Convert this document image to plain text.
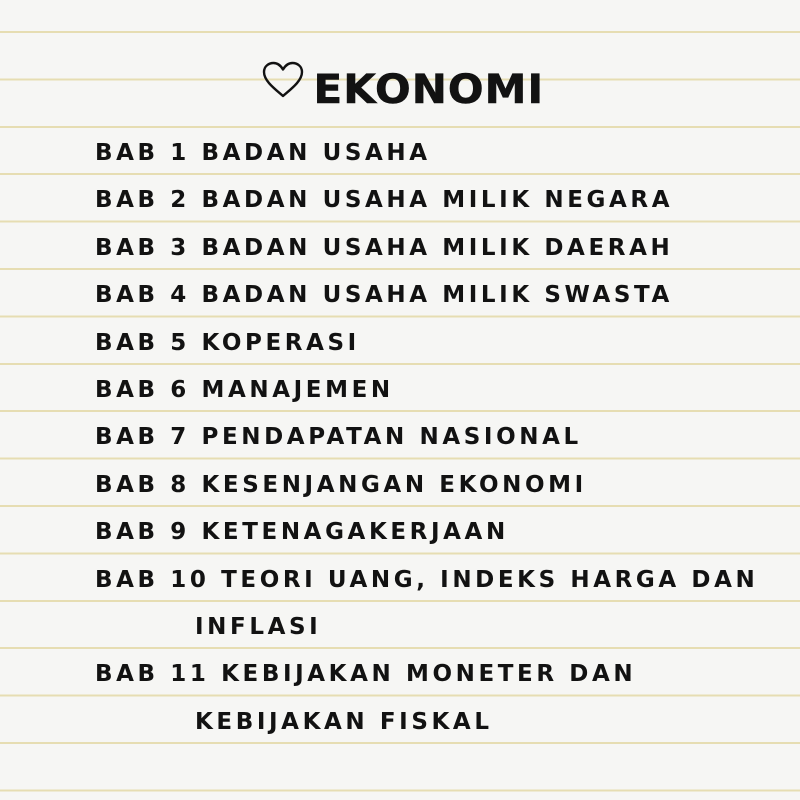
EKONOMI
BAB 1 BADAN USAHA
BAB 2 BADAN USAHA MILIK NEGARA
BAB 3 BADAN USAHA MILIK DAERAH
BAB 4 BADAN USAHA MILIK SWASTA
BAB 5 KOPERASI
BAB 6 MANAJEMEN
BAB 7 PENDAPATAN NASIONAL
BAB 8 KESENJANGAN EKONOMI
BAB 9 KETENAGAKERJAAN
BAB 10 TEORI UANG, INDEKS HARGA DAN
INFLASI
BAB 11 KEBIJAKAN MONETER DAN
KEBIJAKAN FISKAL
